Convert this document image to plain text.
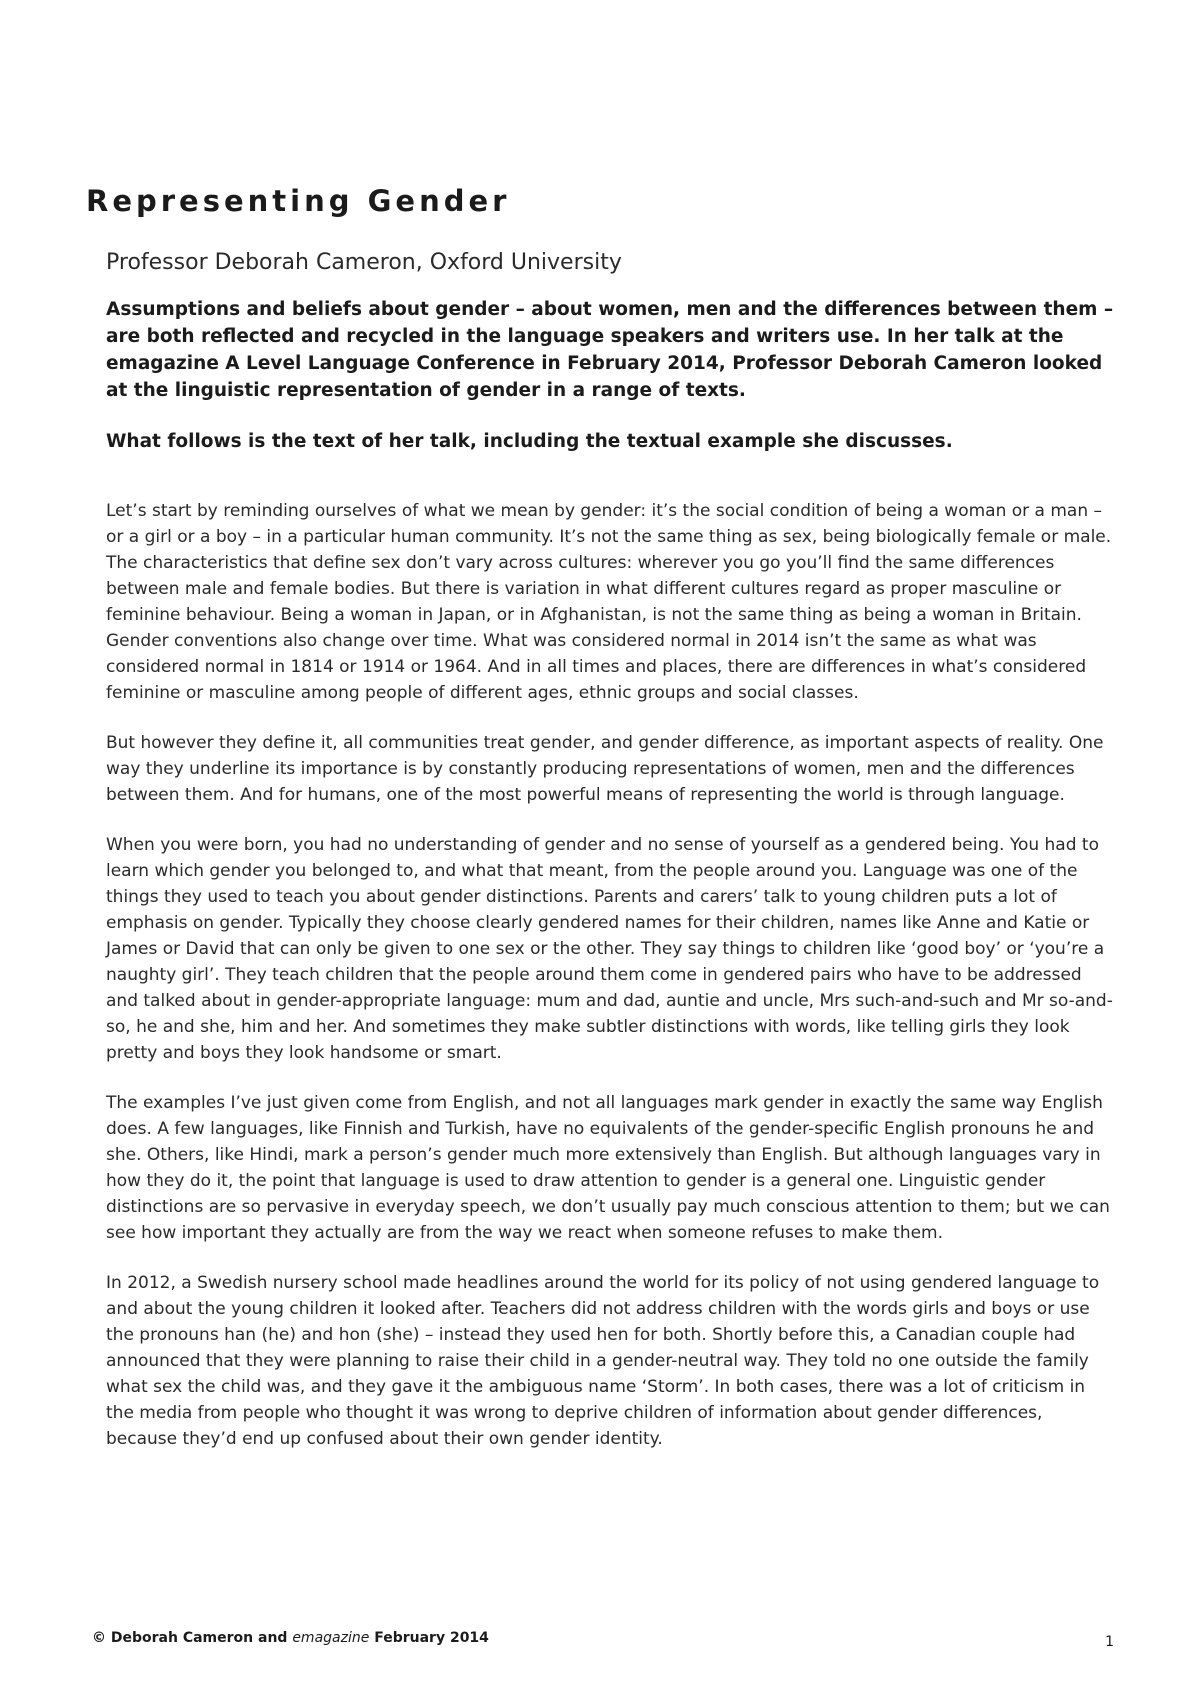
Representing Gender
Professor Deborah Cameron, Oxford University

Assumptions and beliefs about gender – about women, men and the differences between them – are both reflected and recycled in the language speakers and writers use. In her talk at the emagazine A Level Language Conference in February 2014, Professor Deborah Cameron looked at the linguistic representation of gender in a range of texts.

What follows is the text of her talk, including the textual example she discusses.

Let’s start by reminding ourselves of what we mean by gender: it’s the social condition of being a woman or a man – or a girl or a boy – in a particular human community. It’s not the same thing as sex, being biologically female or male. The characteristics that define sex don’t vary across cultures: wherever you go you’ll find the same differences between male and female bodies. But there is variation in what different cultures regard as proper masculine or feminine behaviour. Being a woman in Japan, or in Afghanistan, is not the same thing as being a woman in Britain. Gender conventions also change over time. What was considered normal in 2014 isn’t the same as what was considered normal in 1814 or 1914 or 1964. And in all times and places, there are differences in what’s considered feminine or masculine among people of different ages, ethnic groups and social classes.

But however they define it, all communities treat gender, and gender difference, as important aspects of reality. One way they underline its importance is by constantly producing representations of women, men and the differences between them. And for humans, one of the most powerful means of representing the world is through language.

When you were born, you had no understanding of gender and no sense of yourself as a gendered being. You had to learn which gender you belonged to, and what that meant, from the people around you. Language was one of the things they used to teach you about gender distinctions. Parents and carers’ talk to young children puts a lot of emphasis on gender. Typically they choose clearly gendered names for their children, names like Anne and Katie or James or David that can only be given to one sex or the other. They say things to children like ‘good boy’ or ‘you’re a naughty girl’. They teach children that the people around them come in gendered pairs who have to be addressed and talked about in gender-appropriate language: mum and dad, auntie and uncle, Mrs such-and-such and Mr so-and-so, he and she, him and her. And sometimes they make subtler distinctions with words, like telling girls they look pretty and boys they look handsome or smart.

The examples I’ve just given come from English, and not all languages mark gender in exactly the same way English does. A few languages, like Finnish and Turkish, have no equivalents of the gender-specific English pronouns he and she. Others, like Hindi, mark a person’s gender much more extensively than English. But although languages vary in how they do it, the point that language is used to draw attention to gender is a general one. Linguistic gender distinctions are so pervasive in everyday speech, we don’t usually pay much conscious attention to them; but we can see how important they actually are from the way we react when someone refuses to make them.

In 2012, a Swedish nursery school made headlines around the world for its policy of not using gendered language to and about the young children it looked after. Teachers did not address children with the words girls and boys or use the pronouns han (he) and hon (she) – instead they used hen for both. Shortly before this, a Canadian couple had announced that they were planning to raise their child in a gender-neutral way. They told no one outside the family what sex the child was, and they gave it the ambiguous name ‘Storm’. In both cases, there was a lot of criticism in the media from people who thought it was wrong to deprive children of information about gender differences, because they’d end up confused about their own gender identity.

© Deborah Cameron and emagazine February 2014	1
